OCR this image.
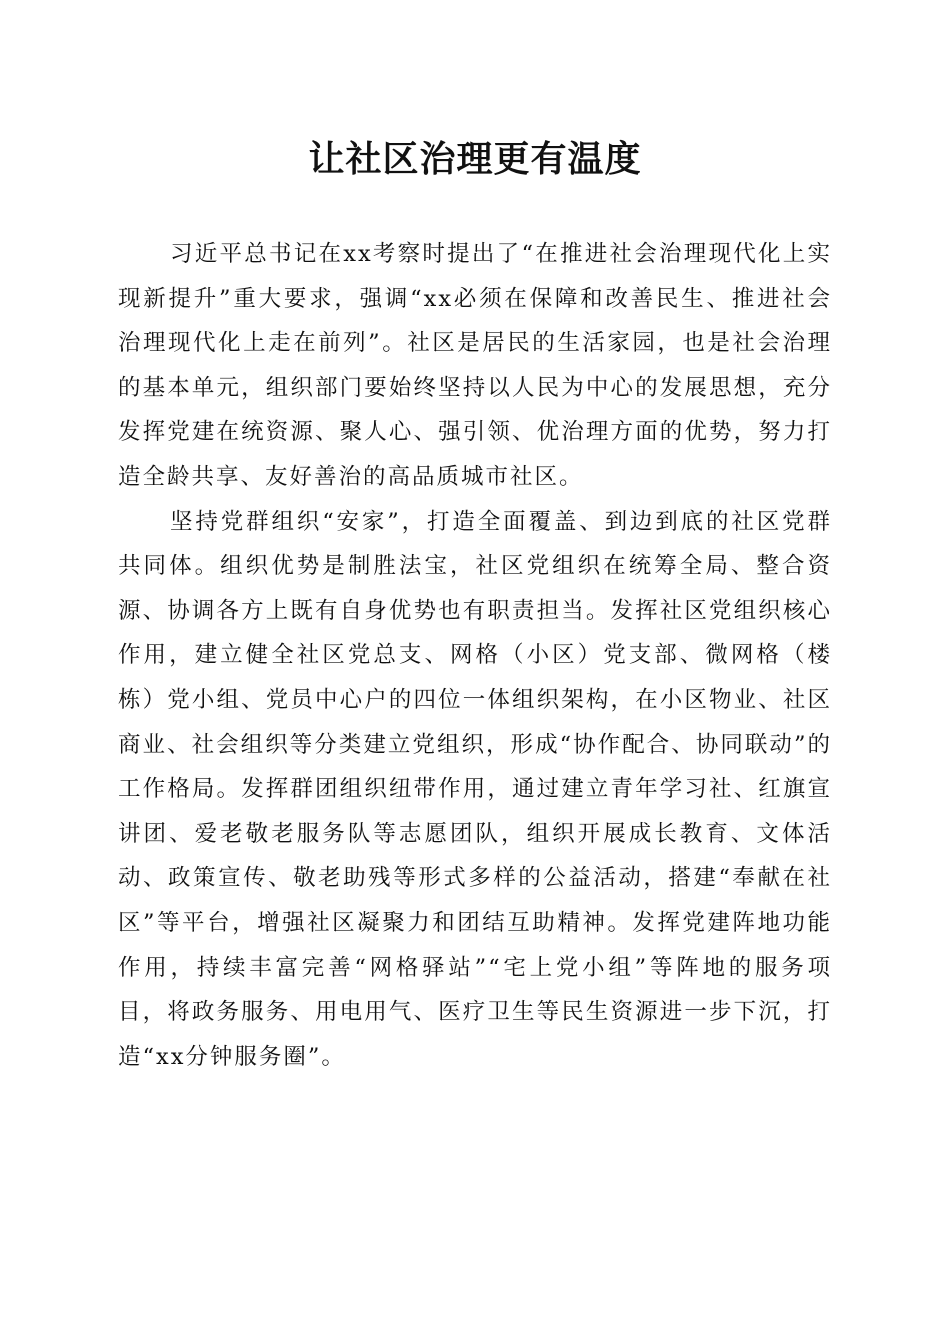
让社区治理更有温度

习近平总书记在xx考察时提出了“在推进社会治理现代化上实现新提升”重大要求，强调“xx必须在保障和改善民生、推进社会治理现代化上走在前列”。社区是居民的生活家园，也是社会治理的基本单元，组织部门要始终坚持以人民为中心的发展思想，充分发挥党建在统资源、聚人心、强引领、优治理方面的优势，努力打造全龄共享、友好善治的高品质城市社区。

坚持党群组织“安家”，打造全面覆盖、到边到底的社区党群共同体。组织优势是制胜法宝，社区党组织在统筹全局、整合资源、协调各方上既有自身优势也有职责担当。发挥社区党组织核心作用，建立健全社区党总支、网格（小区）党支部、微网格（楼栋）党小组、党员中心户的四位一体组织架构，在小区物业、社区商业、社会组织等分类建立党组织，形成“协作配合、协同联动”的工作格局。发挥群团组织纽带作用，通过建立青年学习社、红旗宣讲团、爱老敬老服务队等志愿团队，组织开展成长教育、文体活动、政策宣传、敬老助残等形式多样的公益活动，搭建“奉献在社区”等平台，增强社区凝聚力和团结互助精神。发挥党建阵地功能作用，持续丰富完善“网格驿站”“宅上党小组”等阵地的服务项目，将政务服务、用电用气、医疗卫生等民生资源进一步下沉，打造“xx分钟服务圈”。
